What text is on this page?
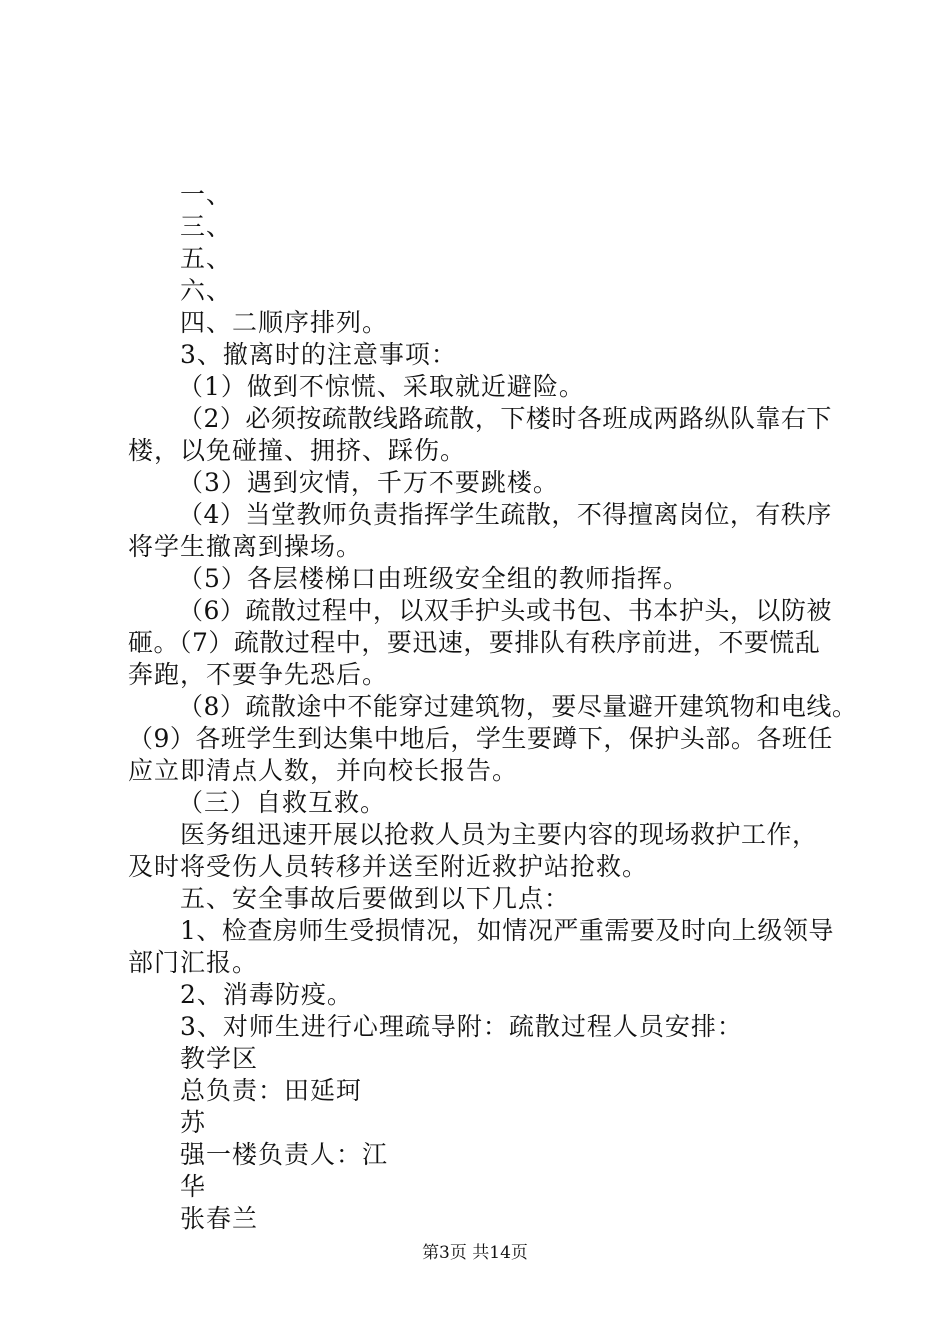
一、

三、

五、

六、

四、二顺序排列。

3、撤离时的注意事项：

（1）做到不惊慌、采取就近避险。

（2）必须按疏散线路疏散，下楼时各班成两路纵队靠右下

楼，以免碰撞、拥挤、踩伤。

（3）遇到灾情，千万不要跳楼。

（4）当堂教师负责指挥学生疏散，不得擅离岗位，有秩序

将学生撤离到操场。

（5）各层楼梯口由班级安全组的教师指挥。

（6）疏散过程中，以双手护头或书包、书本护头，以防被

砸。（7）疏散过程中，要迅速，要排队有秩序前进，不要慌乱

奔跑，不要争先恐后。

（8）疏散途中不能穿过建筑物，要尽量避开建筑物和电线。

（9）各班学生到达集中地后，学生要蹲下，保护头部。各班任

应立即清点人数，并向校长报告。

（三）自救互救。

医务组迅速开展以抢救人员为主要内容的现场救护工作，

及时将受伤人员转移并送至附近救护站抢救。

五、安全事故后要做到以下几点：

1、检查房师生受损情况，如情况严重需要及时向上级领导

部门汇报。

2、消毒防疫。

3、对师生进行心理疏导附：疏散过程人员安排：

教学区

总负责：田延珂

苏

强一楼负责人：江

华

张春兰

第3页 共14页
